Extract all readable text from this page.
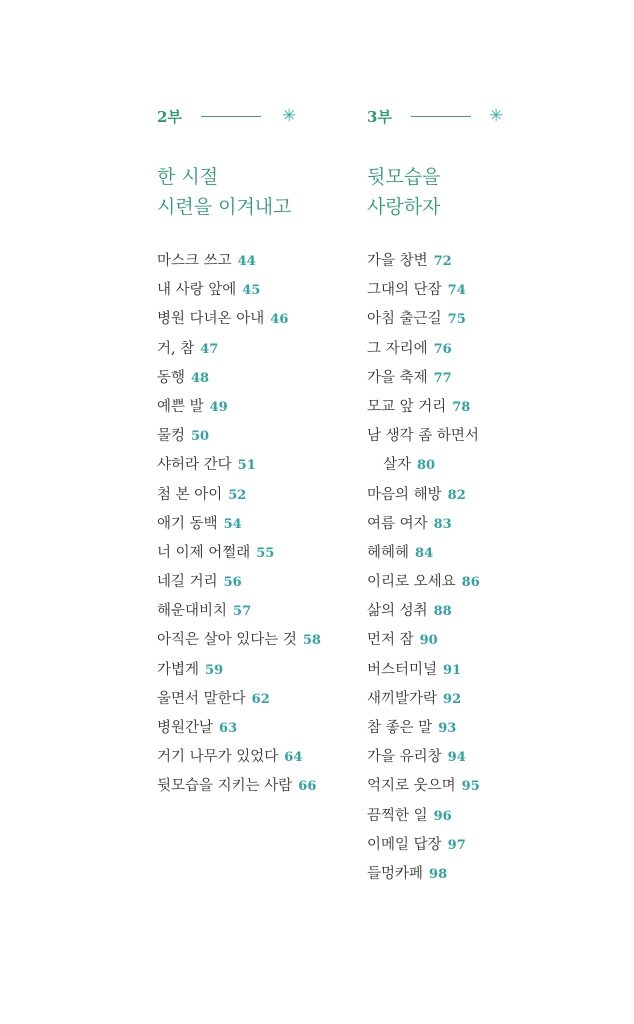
2부	✳
한 시절
시련을 이겨내고
마스크 쓰고 44
내 사랑 앞에 45
병원 다녀온 아내 46
거, 참 47
동행 48
예쁜 발 49
물컹 50
샤허라 간다 51
첨 본 아이 52
애기 동백 54
너 이제 어쩔래 55
네길 거리 56
해운대비치 57
아직은 살아 있다는 것 58
가볍게 59
울면서 말한다 62
병원간날 63
거기 나무가 있었다 64
뒷모습을 지키는 사람 66
3부	✳
뒷모습을
사랑하자
가을 창변 72
그대의 단잠 74
아침 출근길 75
그 자리에 76
가을 축제 77
모교 앞 거리 78
남 생각 좀 하면서
살자 80
마음의 해방 82
여름 여자 83
헤헤헤 84
이리로 오세요 86
삶의 성취 88
먼저 잠 90
버스터미널 91
새끼발가락 92
참 좋은 말 93
가을 유리창 94
억지로 웃으며 95
끔찍한 일 96
이메일 답장 97
들멍카페 98
